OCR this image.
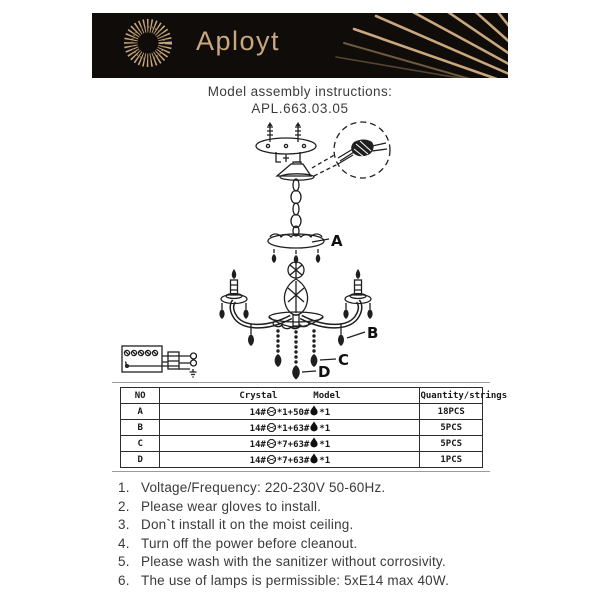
Aployt
Model assembly instructions:
APL.663.03.05
A
B
C
D
NO	Crystal Model	Quantity/strings
A	14# *1+50# *1	18PCS
B	14# *1+63# *1	5PCS
C	14# *7+63# *1	5PCS
D	14# *7+63# *1	1PCS
1. Voltage/Frequency: 220-230V 50-60Hz.
2. Please wear gloves to install.
3. Don`t install it on the moist ceiling.
4. Turn off the power before cleanout.
5. Please wash with the sanitizer without corrosivity.
6. The use of lamps is permissible: 5xE14 max 40W.
